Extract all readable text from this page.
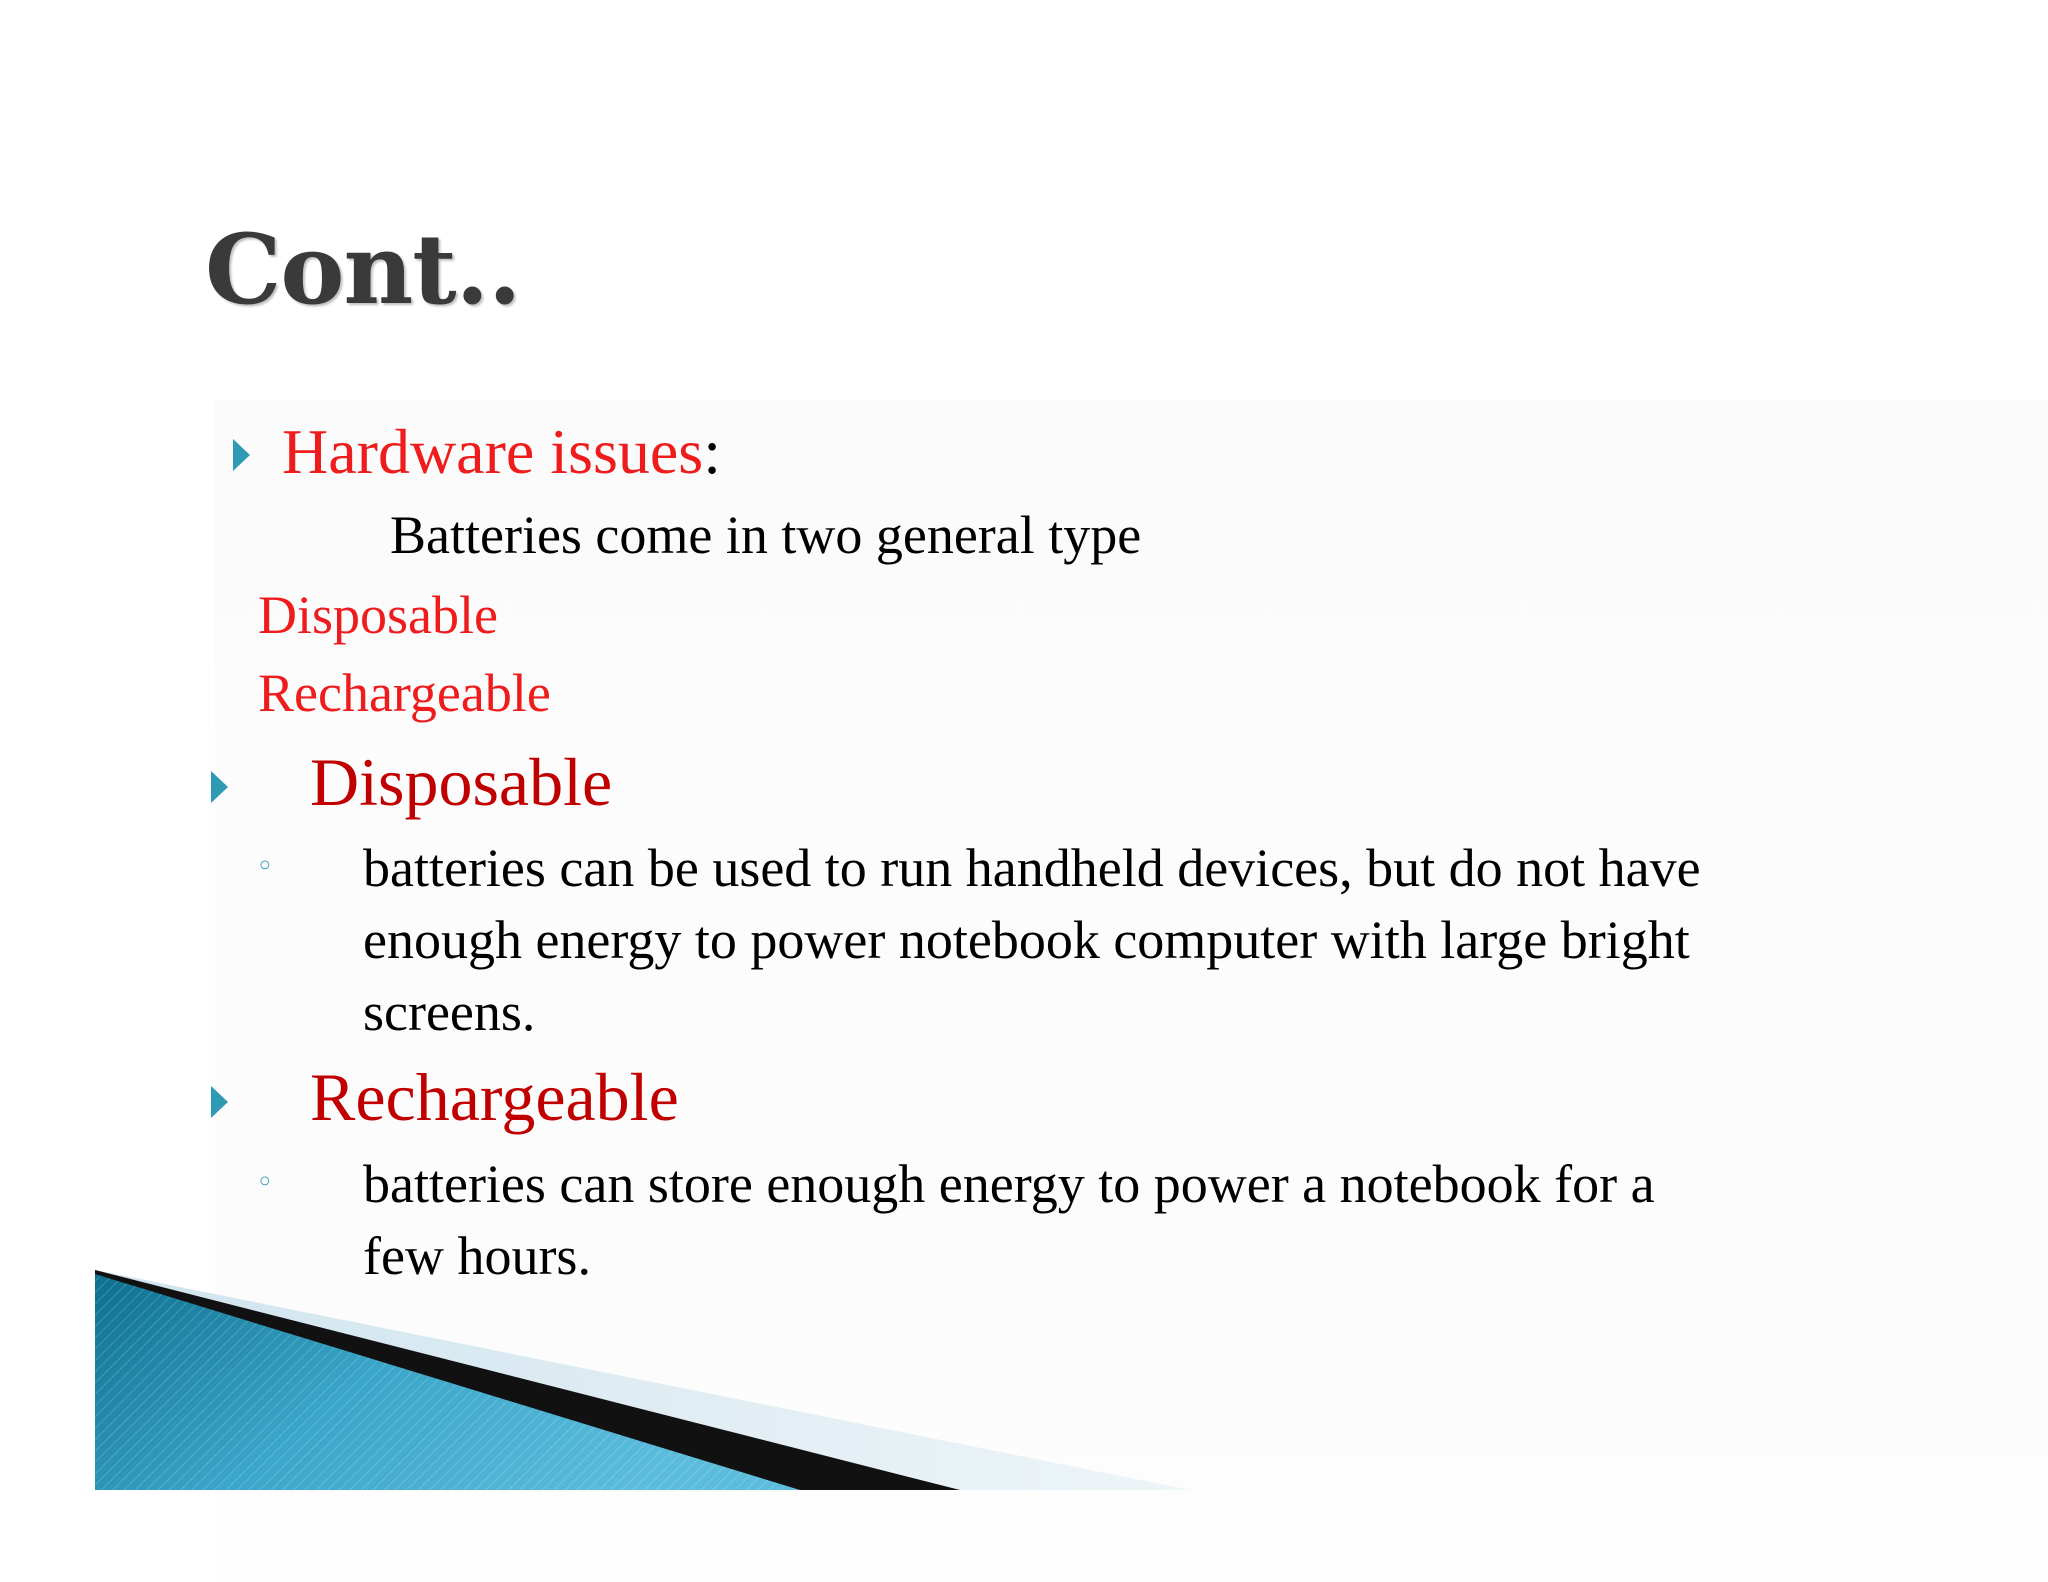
Cont..

Hardware issues:

Batteries come in two general type

Disposable

Rechargeable

Disposable

◦ batteries can be used to run handheld devices, but do not have

enough energy to power notebook computer with large bright

screens.

Rechargeable

◦ batteries can store enough energy to power a notebook for a

few hours.
